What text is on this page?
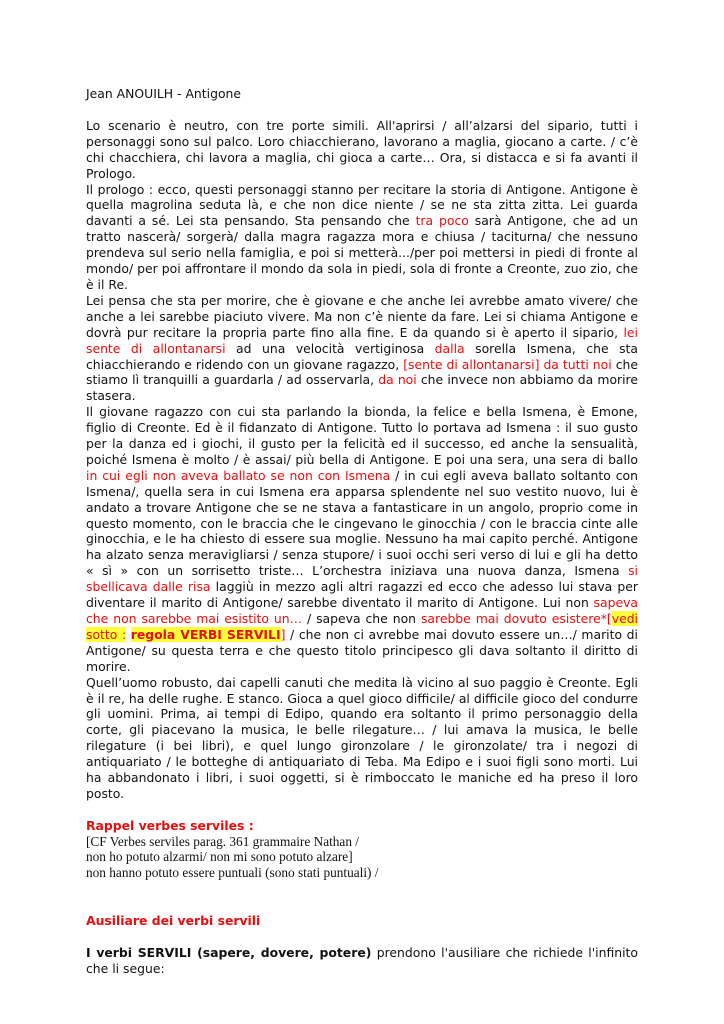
Jean ANOUILH - Antigone

Lo scenario è neutro, con tre porte simili. All'aprirsi / all’alzarsi del sipario, tutti i personaggi sono sul palco. Loro chiacchierano, lavorano a maglia, giocano a carte. / c’è chi chacchiera, chi lavora a maglia, chi gioca a carte… Ora, si distacca e si fa avanti il Prologo.

Il prologo : ecco, questi personaggi stanno per recitare la storia di Antigone. Antigone è quella magrolina seduta là, e che non dice niente / se ne sta zitta zitta. Lei guarda davanti a sé. Lei sta pensando. Sta pensando che tra poco sarà Antigone, che ad un tratto nascerà/ sorgerà/ dalla magra ragazza mora e chiusa / taciturna/ che nessuno prendeva sul serio nella famiglia, e poi si metterà.../per poi mettersi in piedi di fronte al mondo/ per poi affrontare il mondo da sola in piedi, sola di fronte a Creonte, zuo zio, che è il Re.

Lei pensa che sta per morire, che è giovane e che anche lei avrebbe amato vivere/ che anche a lei sarebbe piaciuto vivere. Ma non c’è niente da fare. Lei si chiama Antigone e dovrà pur recitare la propria parte fino alla fine. E da quando si è aperto il sipario, lei sente di allontanarsi ad una velocità vertiginosa dalla sorella Ismena, che sta chiacchierando e ridendo con un giovane ragazzo, [sente di allontanarsi] da tutti noi che stiamo lì tranquilli a guardarla / ad osservarla, da noi che invece non abbiamo da morire stasera.

Il giovane ragazzo con cui sta parlando la bionda, la felice e bella Ismena, è Emone, figlio di Creonte. Ed è il fidanzato di Antigone. Tutto lo portava ad Ismena : il suo gusto per la danza ed i giochi, il gusto per la felicità ed il successo, ed anche la sensualità, poiché Ismena è molto / è assai/ più bella di Antigone. E poi una sera, una sera di ballo in cui egli non aveva ballato se non con Ismena / in cui egli aveva ballato soltanto con Ismena/, quella sera in cui Ismena era apparsa splendente nel suo vestito nuovo, lui è andato a trovare Antigone che se ne stava a fantasticare in un angolo, proprio come in questo momento, con le braccia che le cingevano le ginocchia / con le braccia cinte alle ginocchia, e le ha chiesto di essere sua moglie. Nessuno ha mai capito perché. Antigone ha alzato senza meravigliarsi / senza stupore/ i suoi occhi seri verso di lui e gli ha detto « sì » con un sorrisetto triste… L’orchestra iniziava una nuova danza, Ismena si sbellicava dalle risa laggiù in mezzo agli altri ragazzi ed ecco che adesso lui stava per diventare il marito di Antigone/ sarebbe diventato il marito di Antigone. Lui non sapeva che non sarebbe mai esistito un… / sapeva che non sarebbe mai dovuto esistere*[vedi sotto : regola VERBI SERVILI] / che non ci avrebbe mai dovuto essere un…/ marito di Antigone/ su questa terra e che questo titolo principesco gli dava soltanto il diritto di morire.

Quell’uomo robusto, dai capelli canuti che medita là vicino al suo paggio è Creonte. Egli è il re, ha delle rughe. E stanco. Gioca a quel gioco difficile/ al difficile gioco del condurre gli uomini. Prima, ai tempi di Edipo, quando era soltanto il primo personaggio della corte, gli piacevano la musica, le belle rilegature… / lui amava la musica, le belle rilegature (i bei libri), e quel lungo gironzolare / le gironzolate/ tra i negozi di antiquariato / le botteghe di antiquariato di Teba. Ma Edipo e i suoi figli sono morti. Lui ha abbandonato i libri, i suoi oggetti, si è rimboccato le maniche ed ha preso il loro posto.

Rappel verbes serviles :

[CF Verbes serviles parag. 361 grammaire Nathan /

non ho potuto alzarmi/ non mi sono potuto alzare]

non hanno potuto essere puntuali (sono stati puntuali) /

Ausiliare dei verbi servili

I verbi SERVILI (sapere, dovere, potere) prendono l'ausiliare che richiede l'infinito che li segue:
